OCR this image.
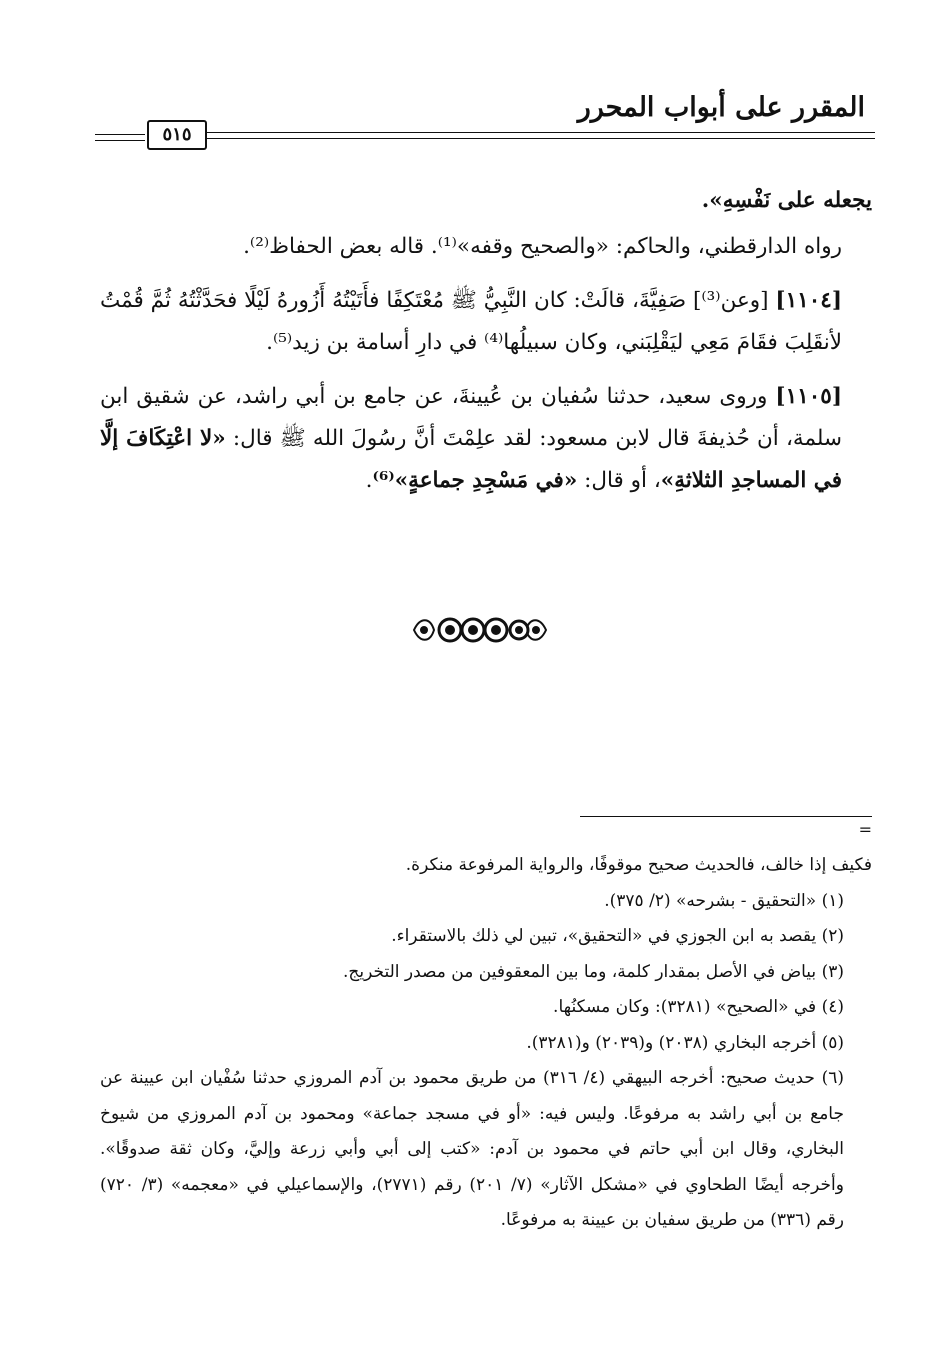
المقرر على أبواب المحرر
٥١٥

يجعله على نَفْسِهِ».

رواه الدارقطني، والحاكم: «والصحيح وقفه»⁽¹⁾. قاله بعض الحفاظ⁽²⁾.

[١١٠٤] [وعن⁽³⁾] صَفِيَّةَ، قالَتْ: كان النَّبِيُّ ﷺ مُعْتَكِفًا فأَتَيْتُهُ أَزُورهُ لَيْلًا فحَدَّثْتُهُ ثُمَّ قُمْتُ لأنقَلِبَ فقَامَ مَعِي ليَقْلِبَني، وكان سبيلُها⁽⁴⁾ في دارِ أسامة بن زيد⁽⁵⁾.

[١١٠٥] وروى سعيد، حدثنا سُفيان بن عُيينةَ، عن جامع بن أبي راشد، عن شقيق ابن سلمة، أن حُذيفةَ قال لابن مسعود: لقد علِمْتَ أنَّ رسُولَ الله ﷺ قال: «لا اعْتِكَافَ إلَّا في المساجدِ الثلاثةِ»، أو قال: «في مَسْجِدِ جماعةٍ»⁽⁶⁾.

=

فكيف إذا خالف، فالحديث صحيح موقوفًا، والرواية المرفوعة منكرة.

(١) «التحقيق - بشرحه» (٢/ ٣٧٥).

(٢) يقصد به ابن الجوزي في «التحقيق»، تبين لي ذلك بالاستقراء.

(٣) بياض في الأصل بمقدار كلمة، وما بين المعقوفين من مصدر التخريج.

(٤) في «الصحيح» (٣٢٨١): وكان مسكنُها.

(٥) أخرجه البخاري (٢٠٣٨) و(٢٠٣٩) و(٣٢٨١).

(٦) حديث صحيح: أخرجه البيهقي (٤/ ٣١٦) من طريق محمود بن آدم المروزي حدثنا سُفْيان ابن عيينة عن جامع بن أبي راشد به مرفوعًا. وليس فيه: «أو في مسجد جماعة» ومحمود بن آدم المروزي من شيوخ البخاري، وقال ابن أبي حاتم في محمود بن آدم: «كتب إلى أبي وأبي زرعة وإليَّ، وكان ثقة صدوقًا». وأخرجه أيضًا الطحاوي في «مشكل الآثار» (٧/ ٢٠١) رقم (٢٧٧١)، والإسماعيلي في «معجمه» (٣/ ٧٢٠) رقم (٣٣٦) من طريق سفيان بن عيينة به مرفوعًا.
